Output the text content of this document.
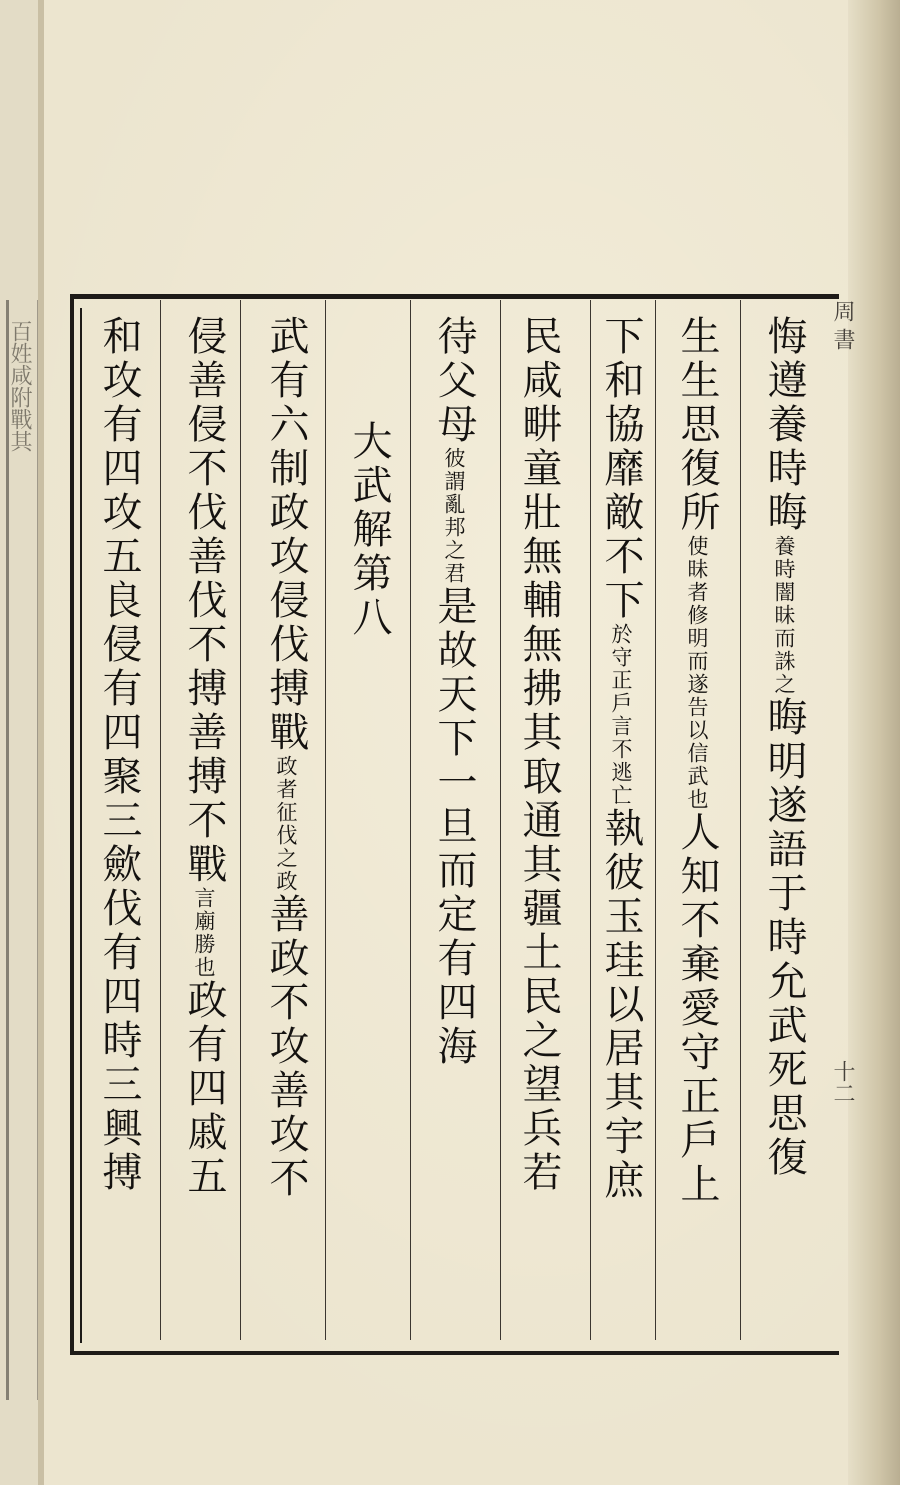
百姓咸附戰其	周書
十二
悔遵養時晦養時闇昧而誅之晦明遂語于時允武死思復
生生思復所使昧者修明而遂告以信武也人知不棄愛守正戶上
下和協靡敵不下於守正戶言不逃亡執彼玉珪以居其宇庶
民咸畊童壯無輔無拂其取通其疆土民之望兵若
待父母彼謂亂邦之君是故天下一旦而定有四海
大武解第八
武有六制政攻侵伐搏戰政者征伐之政善政不攻善攻不
侵善侵不伐善伐不搏善搏不戰言廟勝也政有四戚五
和攻有四攻五良侵有四聚三歛伐有四時三興搏
